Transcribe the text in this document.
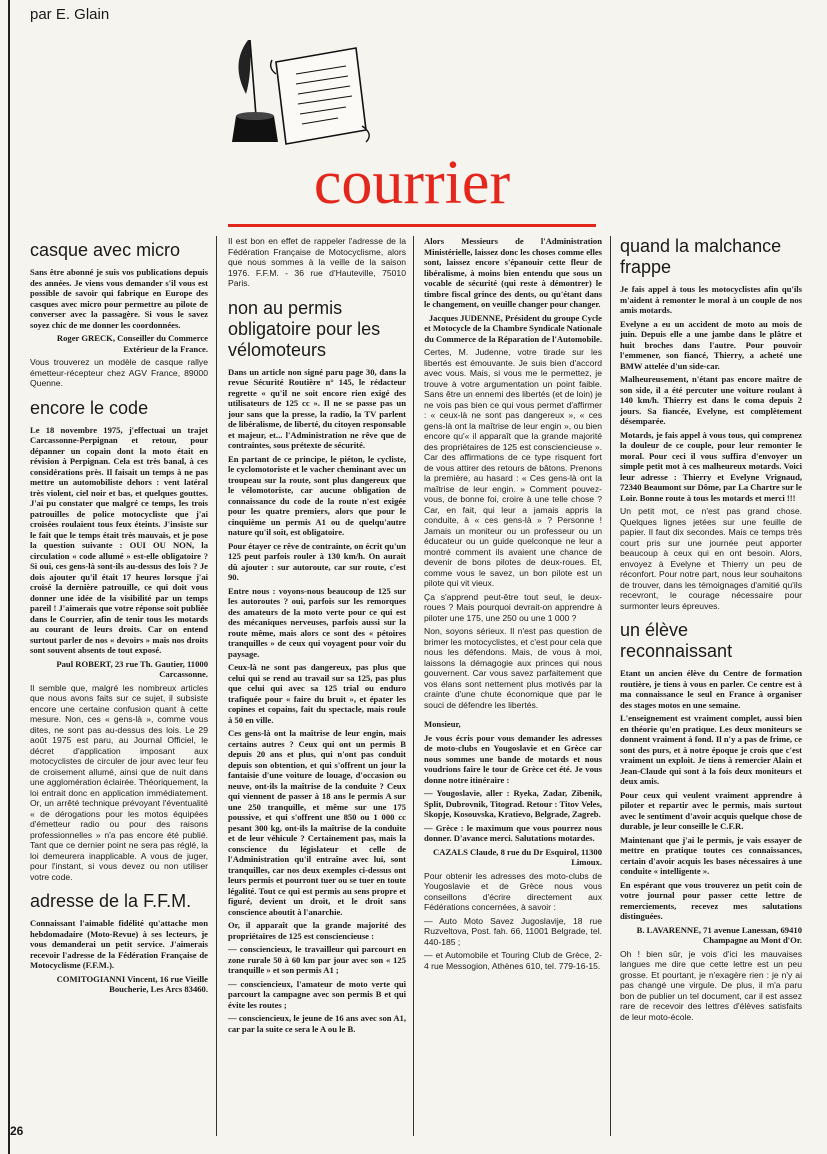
par E. Glain
courrier
casque avec micro

Sans être abonné je suis vos publications depuis des années. Je viens vous demander s'il vous est possible de savoir qui fabrique en Europe des casques avec micro pour permettre au pilote de converser avec la passagère. Si vous le savez soyez chic de me donner les coordonnées.

Roger GRECK, Conseiller du Commerce Extérieur de la France.

Vous trouverez un modèle de casque rallye émetteur-récepteur chez AGV France, 89000 Quenne.

encore le code

Le 18 novembre 1975, j'effectuai un trajet Carcassonne-Perpignan et retour, pour dépanner un copain dont la moto était en révision à Perpignan. Cela est très banal, à ces considérations près. Il faisait un temps à ne pas mettre un automobiliste dehors : vent latéral très violent, ciel noir et bas, et quelques gouttes. J'ai pu constater que malgré ce temps, les trois patrouilles de police motocycliste que j'ai croisées roulaient tous feux éteints. J'insiste sur le fait que le temps était très mauvais, et je pose la question suivante : OUI OU NON, la circulation « code allumé » est-elle obligatoire ? Si oui, ces gens-là sont-ils au-dessus des lois ? Je dois ajouter qu'il était 17 heures lorsque j'ai croisé la dernière patrouille, ce qui doit vous donner une idée de la visibilité par un temps pareil ! J'aimerais que votre réponse soit publiée dans le Courrier, afin de tenir tous les motards au courant de leurs droits. Car on entend surtout parler de nos « devoirs » mais nos droits sont souvent absents de tout exposé.

Paul ROBERT, 23 rue Th. Gautier, 11000 Carcassonne.

Il semble que, malgré les nombreux articles que nous avons faits sur ce sujet, il subsiste encore une certaine confusion quant à cette mesure. Non, ces « gens-là », comme vous dites, ne sont pas au-dessus des lois. Le 29 août 1975 est paru, au Journal Officiel, le décret d'application imposant aux motocyclistes de circuler de jour avec leur feu de croisement allumé, ainsi que de nuit dans une agglomération éclairée. Théoriquement, la loi entrait donc en application immédiatement. Or, un arrêté technique prévoyant l'éventualité « de dérogations pour les motos équipées d'émetteur radio ou pour des raisons professionnelles » n'a pas encore été publié. Tant que ce dernier point ne sera pas réglé, la loi demeurera inapplicable. A vous de juger, pour l'instant, si vous devez ou non utiliser votre code.

adresse de la F.F.M.

Connaissant l'aimable fidélité qu'attache mon hebdomadaire (Moto-Revue) à ses lecteurs, je vous demanderai un petit service. J'aimerais recevoir l'adresse de la Fédération Française de Motocyclisme (F.F.M.).

COMITOGIANNI Vincent, 16 rue Vieille Boucherie, Les Arcs 83460.

Il est bon en effet de rappeler l'adresse de la Fédération Française de Motocyclisme, alors que nous sommes à la veille de la saison 1976. F.F.M. - 36 rue d'Hauteville, 75010 Paris.

non au permis obligatoire pour les vélomoteurs

Dans un article non signé paru page 30, dans la revue Sécurité Routière n° 145, le rédacteur regrette « qu'il ne soit encore rien exigé des utilisateurs de 125 cc ». Il ne se passe pas un jour sans que la presse, la radio, la TV parlent de libéralisme, de liberté, du citoyen responsable et majeur, et... l'Administration ne rêve que de contraintes, sous prétexte de sécurité.

En partant de ce principe, le piéton, le cycliste, le cyclomotoriste et le vacher cheminant avec un troupeau sur la route, sont plus dangereux que le vélomotoriste, car aucune obligation de connaissance du code de la route n'est exigée pour les quatre premiers, alors que pour le cinquième un permis A1 ou de quelqu'autre nature qu'il soit, est obligatoire.

Pour étayer ce rêve de contrainte, on écrit qu'un 125 peut parfois rouler à 130 km/h. On aurait dû ajouter : sur autoroute, car sur route, c'est 90.

Entre nous : voyons-nous beaucoup de 125 sur les autoroutes ? oui, parfois sur les remorques des amateurs de la moto verte pour ce qui est des mécaniques nerveuses, parfois aussi sur la route même, mais alors ce sont des « pétoires tranquilles » de ceux qui voyagent pour voir du paysage.

Ceux-là ne sont pas dangereux, pas plus que celui qui se rend au travail sur sa 125, pas plus que celui qui avec sa 125 trial ou enduro trafiquée pour « faire du bruit », et épater les copines et copains, fait du spectacle, mais roule à 50 en ville.

Ces gens-là ont la maîtrise de leur engin, mais certains autres ? Ceux qui ont un permis B depuis 20 ans et plus, qui n'ont pas conduit depuis son obtention, et qui s'offrent un jour la fantaisie d'une voiture de louage, d'occasion ou neuve, ont-ils la maîtrise de la conduite ? Ceux qui viennent de passer à 18 ans le permis A sur une 250 tranquille, et même sur une 175 poussive, et qui s'offrent une 850 ou 1 000 cc pesant 300 kg, ont-ils la maîtrise de la conduite et de leur véhicule ? Certainement pas, mais la conscience du législateur et celle de l'Administration qu'il entraîne avec lui, sont tranquilles, car nos deux exemples ci-dessus ont leurs permis et pourront tuer ou se tuer en toute légalité. Tout ce qui est permis au sens propre et figuré, devient un droit, et le droit sans conscience aboutit à l'anarchie.

Or, il apparaît que la grande majorité des propriétaires de 125 est consciencieuse :

— consciencieux, le travailleur qui parcourt en zone rurale 50 à 60 km par jour avec son « 125 tranquille » et son permis A1 ;

— consciencieux, l'amateur de moto verte qui parcourt la campagne avec son permis B et qui évite les routes ;

— consciencieux, le jeune de 16 ans avec son A1, car par la suite ce sera le A ou le B.

Alors Messieurs de l'Administration Ministérielle, laissez donc les choses comme elles sont, laissez encore s'épanouir cette fleur de libéralisme, à moins bien entendu que sous un vocable de sécurité (qui reste à démontrer) le timbre fiscal grince des dents, ou qu'étant dans le changement, on veuille changer pour changer.

Jacques JUDENNE, Président du groupe Cycle et Motocycle de la Chambre Syndicale Nationale du Commerce de la Réparation de l'Automobile.

Certes, M. Judenne, votre tirade sur les libertés est émouvante. Je suis bien d'accord avec vous. Mais, si vous me le permettez, je trouve à votre argumentation un point faible. Sans être un ennemi des libertés (et de loin) je ne vois pas bien ce qui vous permet d'affirmer : « ceux-là ne sont pas dangereux », « ces gens-là ont la maîtrise de leur engin », ou bien encore qu'« il apparaît que la grande majorité des propriétaires de 125 est consciencieuse ». Car des affirmations de ce type risquent fort de vous attirer des retours de bâtons. Prenons la première, au hasard : « Ces gens-là ont la maîtrise de leur engin. » Comment pouvez-vous, de bonne foi, croire à une telle chose ? Car, en fait, qui leur a jamais appris la conduite, à « ces gens-là » ? Personne ! Jamais un moniteur ou un professeur ou un éducateur ou un guide quelconque ne leur a montré comment ils avaient une chance de devenir de bons pilotes de deux-roues. Et, comme vous le savez, un bon pilote est un pilote qui vit vieux.

Ça s'apprend peut-être tout seul, le deux-roues ? Mais pourquoi devrait-on apprendre à piloter une 175, une 250 ou une 1 000 ?

Non, soyons sérieux. Il n'est pas question de brimer les motocyclistes, et c'est pour cela que nous les défendons. Mais, de vous à moi, laissons la démagogie aux princes qui nous gouvernent. Car vous savez parfaitement que vos élans sont nettement plus motivés par la crainte d'une chute économique que par le souci de défendre les libertés.

Monsieur,

Je vous écris pour vous demander les adresses de moto-clubs en Yougoslavie et en Grèce car nous sommes une bande de motards et nous voudrions faire le tour de Grèce cet été. Je vous donne notre itinéraire :

— Yougoslavie, aller : Ryeka, Zadar, Zibenik, Split, Dubrovnik, Titograd. Retour : Titov Veles, Skopje, Kosouvska, Kratievo, Belgrade, Zagreb.

— Grèce : le maximum que vous pourrez nous donner. D'avance merci. Salutations motardes.

CAZALS Claude, 8 rue du Dr Esquirol, 11300 Limoux.

Pour obtenir les adresses des moto-clubs de Yougoslavie et de Grèce nous vous conseillons d'écrire directement aux Fédérations concernées, à savoir :

— Auto Moto Savez Jugoslavije, 18 rue Ruzveltova, Post. fah. 66, 11001 Belgrade, tel. 440-185 ;

— et Automobile et Touring Club de Grèce, 2-4 rue Messogion, Athènes 610, tel. 779-16-15.

quand la malchance frappe

Je fais appel à tous les motocyclistes afin qu'ils m'aident à remonter le moral à un couple de nos amis motards.

Evelyne a eu un accident de moto au mois de juin. Depuis elle a une jambe dans le plâtre et huit broches dans l'autre. Pour pouvoir l'emmener, son fiancé, Thierry, a acheté une BMW attelée d'un side-car.

Malheureusement, n'étant pas encore maître de son side, il a été percuter une voiture roulant à 140 km/h. Thierry est dans le coma depuis 2 jours. Sa fiancée, Evelyne, est complètement désemparée.

Motards, je fais appel à vous tous, qui comprenez la douleur de ce couple, pour leur remonter le moral. Pour ceci il vous suffira d'envoyer un simple petit mot à ces malheureux motards. Voici leur adresse : Thierry et Evelyne Vrignaud, 72340 Beaumont sur Dôme, par La Chartre sur le Loir. Bonne route à tous les motards et merci !!!

Un petit mot, ce n'est pas grand chose. Quelques lignes jetées sur une feuille de papier. Il faut dix secondes. Mais ce temps très court pris sur une journée peut apporter beaucoup à ceux qui en ont besoin. Alors, envoyez à Evelyne et Thierry un peu de réconfort. Pour notre part, nous leur souhaitons de trouver, dans les témoignages d'amitié qu'ils recevront, le courage nécessaire pour surmonter leurs épreuves.

un élève reconnaissant

Etant un ancien élève du Centre de formation routière, je tiens à vous en parler. Ce centre est à ma connaissance le seul en France à organiser des stages motos en une semaine.

L'enseignement est vraiment complet, aussi bien en théorie qu'en pratique. Les deux moniteurs se donnent vraiment à fond. Il n'y a pas de frime, ce sont des purs, et à notre époque je crois que c'est vraiment un exploit. Je tiens à remercier Alain et Jean-Claude qui sont à la fois deux moniteurs et deux amis.

Pour ceux qui veulent vraiment apprendre à piloter et repartir avec le permis, mais surtout avec le sentiment d'avoir acquis quelque chose de durable, je leur conseille le C.F.R.

Maintenant que j'ai le permis, je vais essayer de mettre en pratique toutes ces connaissances, certain d'avoir acquis les bases nécessaires à une conduite « intelligente ».

En espérant que vous trouverez un petit coin de votre journal pour passer cette lettre de remerciements, recevez mes salutations distinguées.

B. LAVARENNE, 71 avenue Lanessan, 69410 Champagne au Mont d'Or.

Oh ! bien sûr, je vois d'ici les mauvaises langues me dire que cette lettre est un peu grosse. Et pourtant, je n'exagère rien : je n'y ai pas changé une virgule. De plus, il m'a paru bon de publier un tel document, car il est assez rare de recevoir des lettres d'élèves satisfaits de leur moto-école.

26
